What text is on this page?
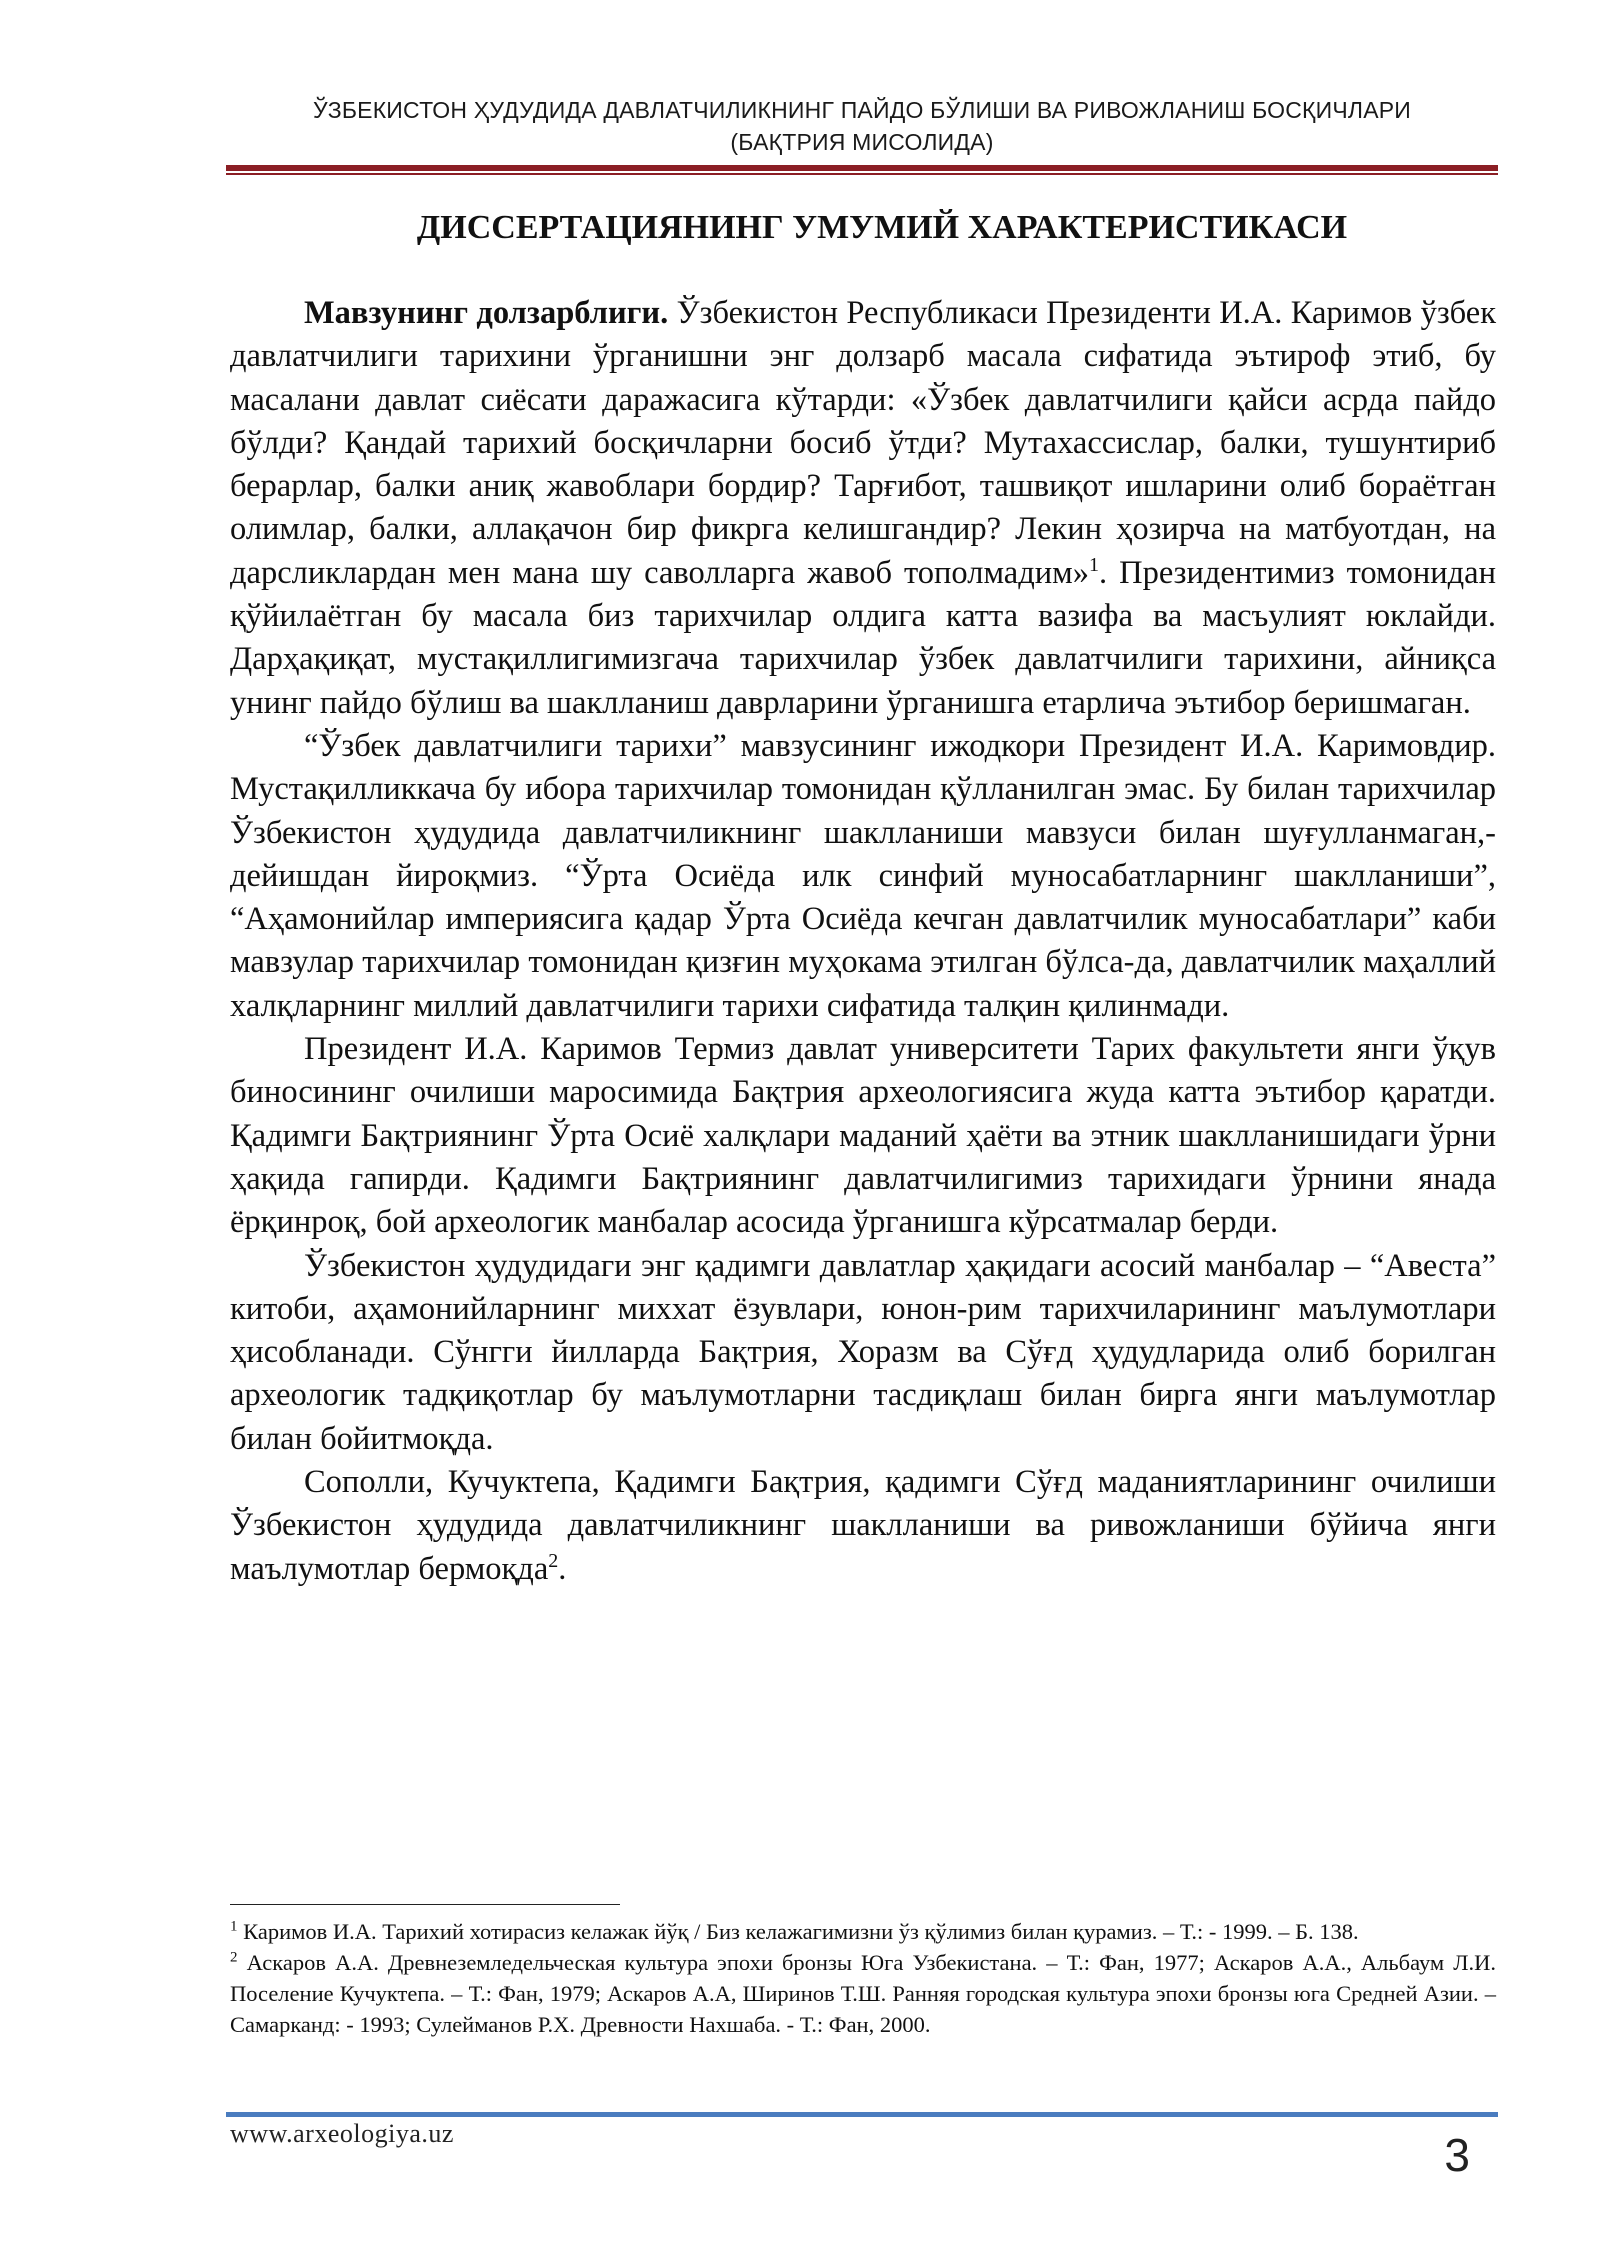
ЎЗБЕКИСТОН ҲУДУДИДА ДАВЛАТЧИЛИКНИНГ ПАЙДО БЎЛИШИ ВА РИВОЖЛАНИШ БОСҚИЧЛАРИ
(БАҚТРИЯ МИСОЛИДА)
ДИССЕРТАЦИЯНИНГ УМУМИЙ ХАРАКТЕРИСТИКАСИ

Мавзунинг долзарблиги. Ўзбекистон Республикаси Президенти И.А. Каримов ўзбек давлатчилиги тарихини ўрганишни энг долзарб масала сифатида эътироф этиб, бу масалани давлат сиёсати даражасига кўтарди: «Ўзбек давлатчилиги қайси асрда пайдо бўлди? Қандай тарихий босқичларни босиб ўтди? Мутахассислар, балки, тушунтириб берарлар, балки аниқ жавоблари бордир? Тарғибот, ташвиқот ишларини олиб бораётган олимлар, балки, аллақачон бир фикрга келишгандир? Лекин ҳозирча на матбуотдан, на дарсликлардан мен мана шу саволларга жавоб тополмадим»$^1$. Президентимиз томонидан қўйилаётган бу масала биз тарихчилар олдига катта вазифа ва масъулият юклайди. Дарҳақиқат, мустақиллигимизгача тарихчилар ўзбек давлатчилиги тарихини, айниқса унинг пайдо бўлиш ва шаклланиш даврларини ўрганишга етарлича эътибор беришмаган.

“Ўзбек давлатчилиги тарихи” мавзусининг ижодкори Президент И.А. Каримовдир. Мустақилликкача бу ибора тарихчилар томонидан қўлланилган эмас. Бу билан тарихчилар Ўзбекистон ҳудудида давлатчиликнинг шаклланиши мавзуси билан шуғулланмаган,- дейишдан йироқмиз. “Ўрта Осиёда илк синфий муносабатларнинг шаклланиши”, “Аҳамонийлар империясига қадар Ўрта Осиёда кечган давлатчилик муносабатлари” каби мавзулар тарихчилар томонидан қизғин муҳокама этилган бўлса-да, давлатчилик маҳаллий халқларнинг миллий давлатчилиги тарихи сифатида талқин қилинмади.

Президент И.А. Каримов Термиз давлат университети Тарих факультети янги ўқув биносининг очилиши маросимида Бақтрия археологиясига жуда катта эътибор қаратди. Қадимги Бақтриянинг Ўрта Осиё халқлари маданий ҳаёти ва этник шаклланишидаги ўрни ҳақида гапирди. Қадимги Бақтриянинг давлатчилигимиз тарихидаги ўрнини янада ёрқинроқ, бой археологик манбалар асосида ўрганишга кўрсатмалар берди.

Ўзбекистон ҳудудидаги энг қадимги давлатлар ҳақидаги асосий манбалар – “Авеста” китоби, аҳамонийларнинг миххат ёзувлари, юнон-рим тарихчиларининг маълумотлари ҳисобланади. Сўнгги йилларда Бақтрия, Хоразм ва Сўғд ҳудудларида олиб борилган археологик тадқиқотлар бу маълумотларни тасдиқлаш билан бирга янги маълумотлар билан бойитмоқда.

Сополли, Кучуктепа, Қадимги Бақтрия, қадимги Сўғд маданиятларининг очилиши Ўзбекистон ҳудудида давлатчиликнинг шаклланиши ва ривожланиши бўйича янги маълумотлар бермоқда$^2$.

$^1$ Каримов И.А. Тарихий хотирасиз келажак йўқ / Биз келажагимизни ўз қўлимиз билан қурамиз. – Т.: - 1999. – Б. 138.

$^2$ Аскаров А.А. Древнеземледельческая культура эпохи бронзы Юга Узбекистана. – Т.: Фан, 1977; Аскаров А.А., Альбаум Л.И. Поселение Кучуктепа. – Т.: Фан, 1979; Аскаров А.А, Ширинов Т.Ш. Ранняя городская культура эпохи бронзы юга Средней Азии. – Самарканд: - 1993; Сулейманов Р.Х. Древности Нахшаба. - Т.: Фан, 2000.

www.arxeologiya.uz	3
